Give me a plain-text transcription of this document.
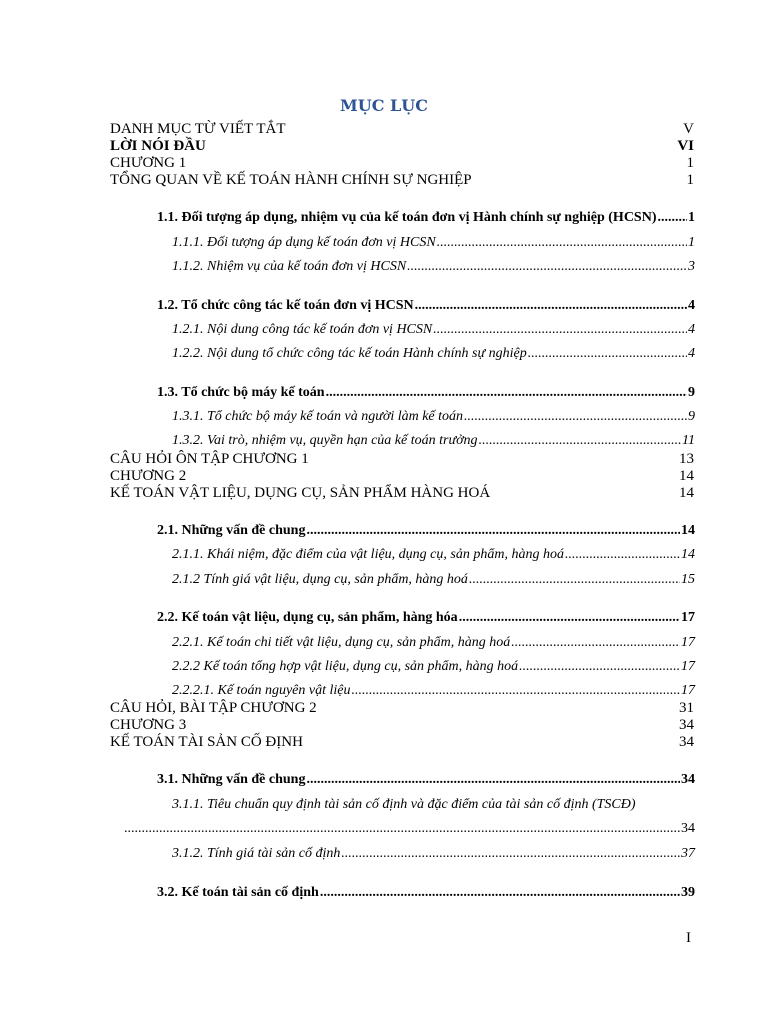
MỤC LỤC
DANH MỤC TỪ VIẾT TẮT	V
LỜI NÓI ĐẦU	VI
CHƯƠNG 1	1
TỔNG QUAN VỀ KẾ TOÁN HÀNH CHÍNH SỰ NGHIỆP	1
1.1. Đối tượng áp dụng, nhiệm vụ của kế toán đơn vị Hành chính sự nghiệp (HCSN) ..... 1
1.1.1. Đối tượng áp dụng kế toán đơn vị HCSN .....	1
1.1.2. Nhiệm vụ của kế toán đơn vị HCSN .....	3
1.2. Tổ chức công tác kế toán đơn vị HCSN .....	4
1.2.1. Nội dung công tác kế toán đơn vị HCSN .....	4
1.2.2. Nội dung tổ chức công tác kế toán Hành chính sự nghiệp .....	4
1.3. Tổ chức bộ máy kế toán .....	9
1.3.1. Tổ chức bộ máy kế toán và người làm kế toán .....	9
1.3.2. Vai trò, nhiệm vụ, quyền hạn của kế toán trưởng .....	11
CÂU HỎI ÔN TẬP CHƯƠNG 1	13
CHƯƠNG 2	14
KẾ TOÁN VẬT LIỆU, DỤNG CỤ, SẢN PHẨM HÀNG HOÁ	14
2.1. Những vấn đề chung .....	14
2.1.1. Khái niệm, đặc điểm của vật liệu, dụng cụ, sản phẩm, hàng hoá .....	14
2.1.2 Tính giá vật liệu, dụng cụ, sản phẩm, hàng hoá .....	15
2.2. Kế toán vật liệu, dụng cụ, sản phẩm, hàng hóa .....	17
2.2.1. Kế toán chi tiết vật liệu, dụng cụ, sản phẩm, hàng hoá .....	17
2.2.2 Kế toán tổng hợp vật liệu, dụng cụ, sản phẩm, hàng hoá .....	17
2.2.2.1. Kế toán nguyên vật liệu .....	17
CÂU HỎI, BÀI TẬP CHƯƠNG 2	31
CHƯƠNG 3	34
KẾ TOÁN TÀI SẢN CỐ ĐỊNH	34
3.1. Những vấn đề chung .....	34
3.1.1. Tiêu chuẩn quy định tài sản cố định và đặc điểm của tài sản cố định (TSCĐ)
.....
34
3.1.2. Tính giá tài sản cố định .....	37
3.2. Kế toán tài sản cố định .....	39
I
